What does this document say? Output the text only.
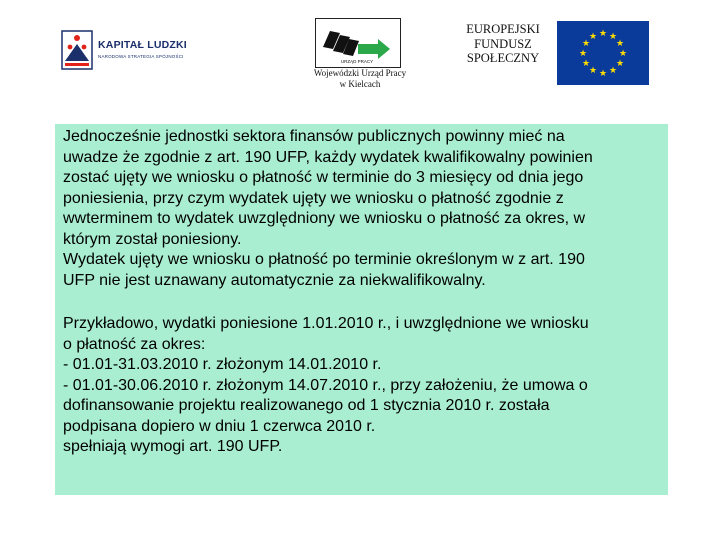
KAPITAŁ LUDZKI
NARODOWA STRATEGIA SPÓJNOŚCI
URZĄD PRACY
Wojewódzki Urząd Pracy
w Kielcach
EUROPEJSKI
FUNDUSZ
SPOŁECZNY
★ ★
★
★
★
★
★
★
★
★
★
★

Jednocześnie jednostki sektora finansów publicznych powinny mieć na
uwadze że zgodnie z art. 190 UFP, każdy wydatek kwalifikowalny powinien
zostać ujęty we wniosku o płatność w terminie do 3 miesięcy od dnia jego
poniesienia, przy czym wydatek ujęty we wniosku o płatność zgodnie z
wwterminem to wydatek uwzględniony we wniosku o płatność za okres, w
którym został poniesiony.
Wydatek ujęty we wniosku o płatność po terminie określonym w z art. 190
UFP nie jest uznawany automatycznie za niekwalifikowalny.

Przykładowo, wydatki poniesione 1.01.2010 r., i uwzględnione we wniosku
o płatność za okres:
- 01.01-31.03.2010 r. złożonym 14.01.2010 r.
- 01.01-30.06.2010 r. złożonym 14.07.2010 r., przy założeniu, że umowa o
dofinansowanie projektu realizowanego od 1 stycznia 2010 r. została
podpisana dopiero w dniu 1 czerwca 2010 r.
spełniają wymogi art. 190 UFP.
